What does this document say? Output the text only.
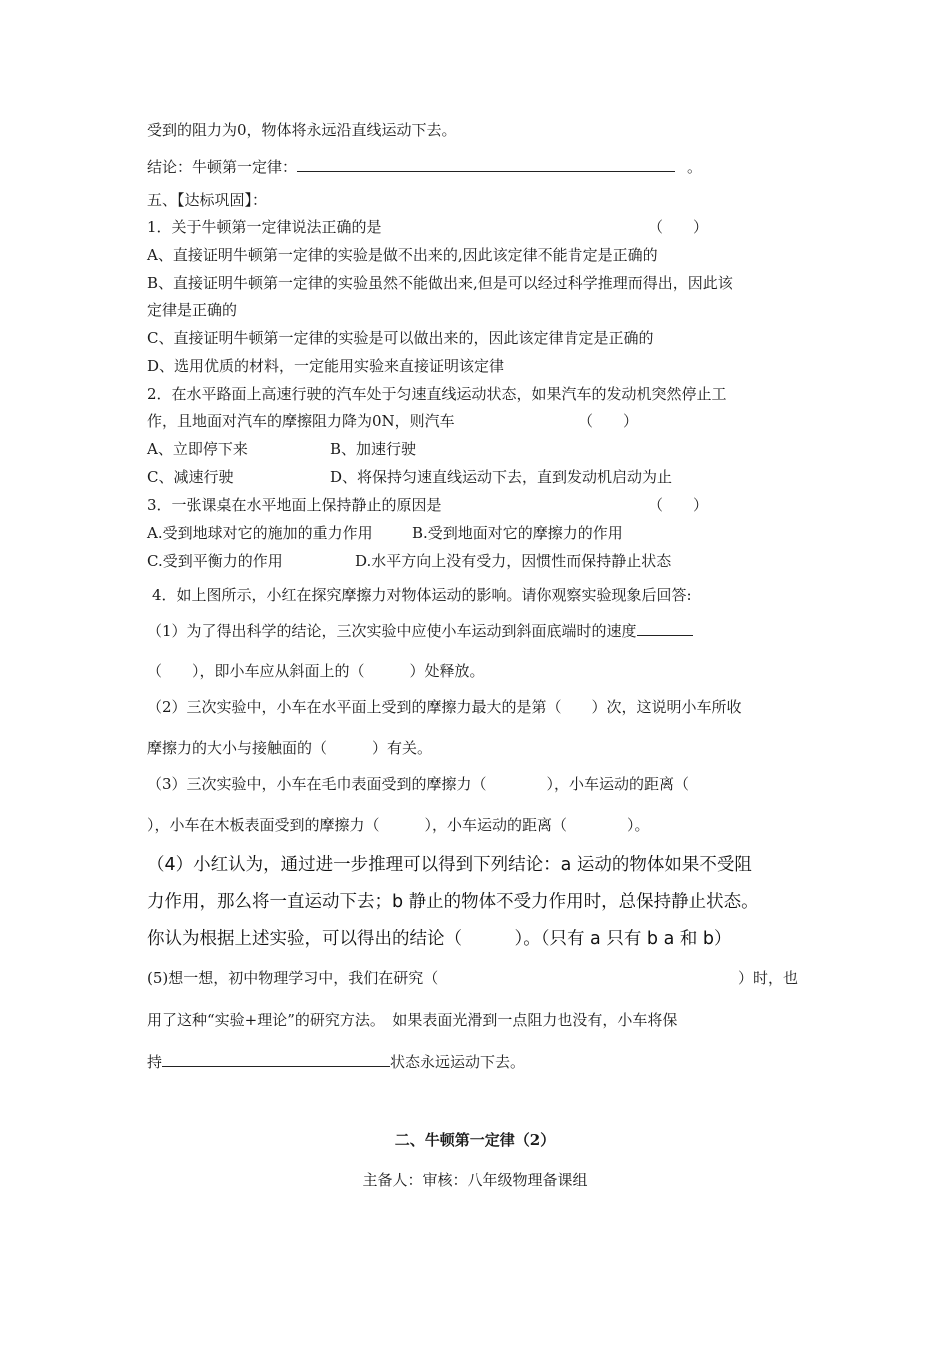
受到的阻力为0，物体将永远沿直线运动下去。
结论：牛顿第一定律：	。
五、【达标巩固】：
1．关于牛顿第一定律说法正确的是	（　　）
A、直接证明牛顿第一定律的实验是做不出来的,因此该定律不能肯定是正确的
B、直接证明牛顿第一定律的实验虽然不能做出来,但是可以经过科学推理而得出，因此该
定律是正确的
C、直接证明牛顿第一定律的实验是可以做出来的，因此该定律肯定是正确的
D、选用优质的材料，一定能用实验来直接证明该定律
2．在水平路面上高速行驶的汽车处于匀速直线运动状态，如果汽车的发动机突然停止工
作，且地面对汽车的摩擦阻力降为0N，则汽车	（　　）
A、立即停下来	B、加速行驶
C、减速行驶	D、将保持匀速直线运动下去，直到发动机启动为止
3．一张课桌在水平地面上保持静止的原因是	（　　）
A.受到地球对它的施加的重力作用	B.受到地面对它的摩擦力的作用
C.受到平衡力的作用	D.水平方向上没有受力，因惯性而保持静止状态
4．如上图所示，小红在探究摩擦力对物体运动的影响。请你观察实验现象后回答:
（1）为了得出科学的结论，三次实验中应使小车运动到斜面底端时的速度
（　　），即小车应从斜面上的（　　　）处释放。
（2）三次实验中，小车在水平面上受到的摩擦力最大的是第（　　）次，这说明小车所收
摩擦力的大小与接触面的（　　　）有关。
（3）三次实验中，小车在毛巾表面受到的摩擦力（　　　　），小车运动的距离（
），小车在木板表面受到的摩擦力（　　　），小车运动的距离（　　　　）。
（4）小红认为，通过进一步推理可以得到下列结论：a 运动的物体如果不受阻
力作用，那么将一直运动下去；b 静止的物体不受力作用时，总保持静止状态。
你认为根据上述实验，可以得出的结论（　　　）。（只有 a 只有 b a 和 b）
(5)想一想，初中物理学习中，我们在研究（	）时，也
用了这种“实验+理论”的研究方法。　如果表面光滑到一点阻力也没有，小车将保
持	状态永远运动下去。
二、牛顿第一定律（2）
主备人：审核：八年级物理备课组
